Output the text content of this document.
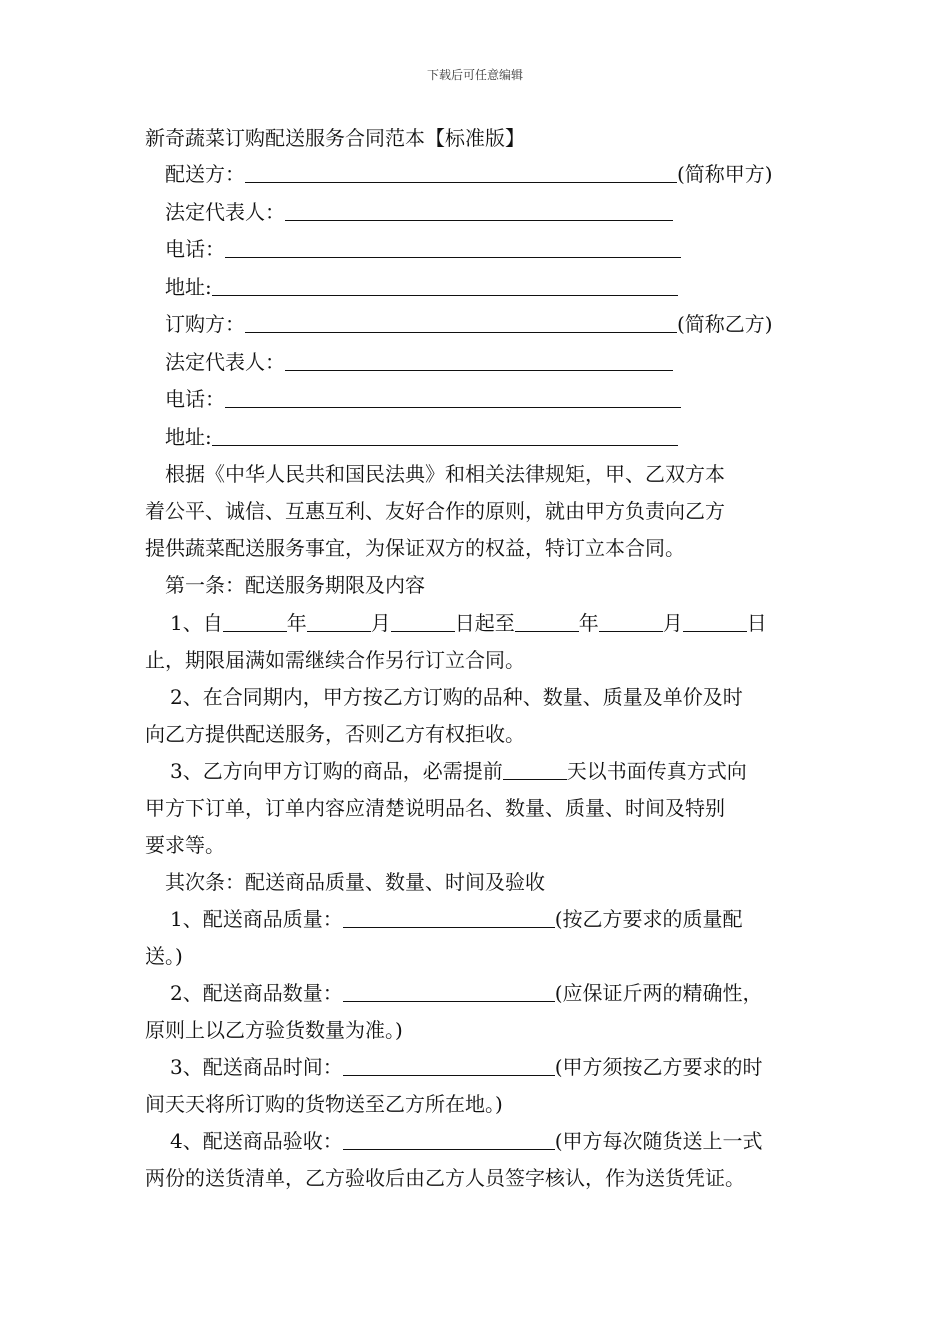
下载后可任意编辑
新奇蔬菜订购配送服务合同范本【标准版】
配送方：	(简称甲方)
法定代表人：
电话：
地址:
订购方：	(简称乙方)
法定代表人：
电话：
地址:
根据《中华人民共和国民法典》和相关法律规矩，甲、乙双方本
着公平、诚信、互惠互利、友好合作的原则，就由甲方负责向乙方
提供蔬菜配送服务事宜，为保证双方的权益，特订立本合同。
第一条：配送服务期限及内容
1、自	年	月	日起至	年	月	日
止，期限届满如需继续合作另行订立合同。
2、在合同期内，甲方按乙方订购的品种、数量、质量及单价及时
向乙方提供配送服务，否则乙方有权拒收。
3、乙方向甲方订购的商品，必需提前	天以书面传真方式向
甲方下订单，订单内容应清楚说明品名、数量、质量、时间及特别
要求等。
其次条：配送商品质量、数量、时间及验收
1、配送商品质量：	(按乙方要求的质量配
送。)
2、配送商品数量：	(应保证斤两的精确性，
原则上以乙方验货数量为准。)
3、配送商品时间：	(甲方须按乙方要求的时
间天天将所订购的货物送至乙方所在地。)
4、配送商品验收：	(甲方每次随货送上一式
两份的送货清单，乙方验收后由乙方人员签字核认，作为送货凭证。
